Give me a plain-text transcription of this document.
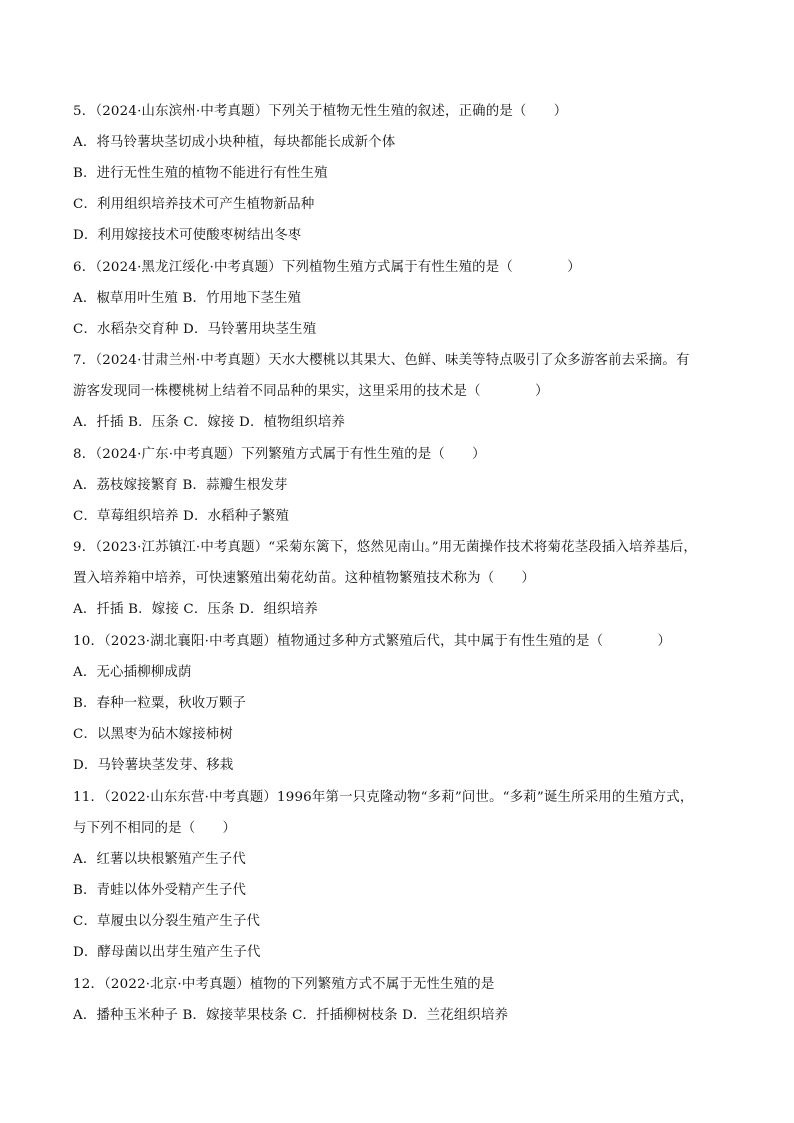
5．（2024·山东滨州·中考真题）下列关于植物无性生殖的叙述，正确的是（　　）
A．将马铃薯块茎切成小块种植，每块都能长成新个体
B．进行无性生殖的植物不能进行有性生殖
C．利用组织培养技术可产生植物新品种
D．利用嫁接技术可使酸枣树结出冬枣
6．（2024·黑龙江绥化·中考真题）下列植物生殖方式属于有性生殖的是（　　　　）
A．椒草用叶生殖 B．竹用地下茎生殖
C．水稻杂交育种 D．马铃薯用块茎生殖
7．（2024·甘肃兰州·中考真题）天水大樱桃以其果大、色鲜、味美等特点吸引了众多游客前去采摘。有
游客发现同一株樱桃树上结着不同品种的果实，这里采用的技术是（　　　　）
A．扦插 B．压条 C．嫁接 D．植物组织培养
8．（2024·广东·中考真题）下列繁殖方式属于有性生殖的是（　　）
A．荔枝嫁接繁育 B．蒜瓣生根发芽
C．草莓组织培养 D．水稻种子繁殖
9．（2023·江苏镇江·中考真题）“采菊东篱下，悠然见南山。”用无菌操作技术将菊花茎段插入培养基后，
置入培养箱中培养，可快速繁殖出菊花幼苗。这种植物繁殖技术称为（　　）
A．扦插 B．嫁接 C．压条 D．组织培养
10．（2023·湖北襄阳·中考真题）植物通过多种方式繁殖后代，其中属于有性生殖的是（　　　　）
A．无心插柳柳成荫
B．春种一粒粟，秋收万颗子
C．以黑枣为砧木嫁接柿树
D．马铃薯块茎发芽、移栽
11．（2022·山东东营·中考真题）1996年第一只克隆动物“多莉”问世。“多莉”诞生所采用的生殖方式，
与下列不相同的是（　　）
A．红薯以块根繁殖产生子代
B．青蛙以体外受精产生子代
C．草履虫以分裂生殖产生子代
D．酵母菌以出芽生殖产生子代
12．（2022·北京·中考真题）植物的下列繁殖方式不属于无性生殖的是
A．播种玉米种子 B．嫁接苹果枝条 C．扦插柳树枝条 D．兰花组织培养
